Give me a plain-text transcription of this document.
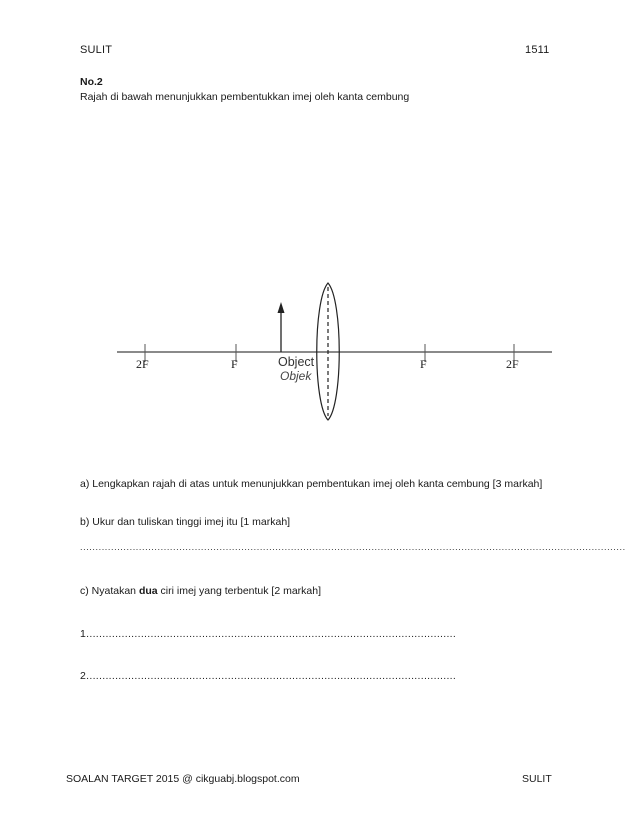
SULIT	1511
No.2
Rajah di bawah menunjukkan pembentukkan imej oleh kanta cembung
2F	F	Object
Objek
F	2F
a) Lengkapkan rajah di atas untuk menunjukkan pembentukan imej oleh kanta cembung [3 markah]
b) Ukur dan tuliskan tinggi imej itu [1 markah]
................................................................................................................................................................................
c) Nyatakan dua ciri imej yang terbentuk [2 markah]
1...................................................................................................................
2...................................................................................................................
SOALAN TARGET 2015 @ cikguabj.blogspot.com	SULIT
